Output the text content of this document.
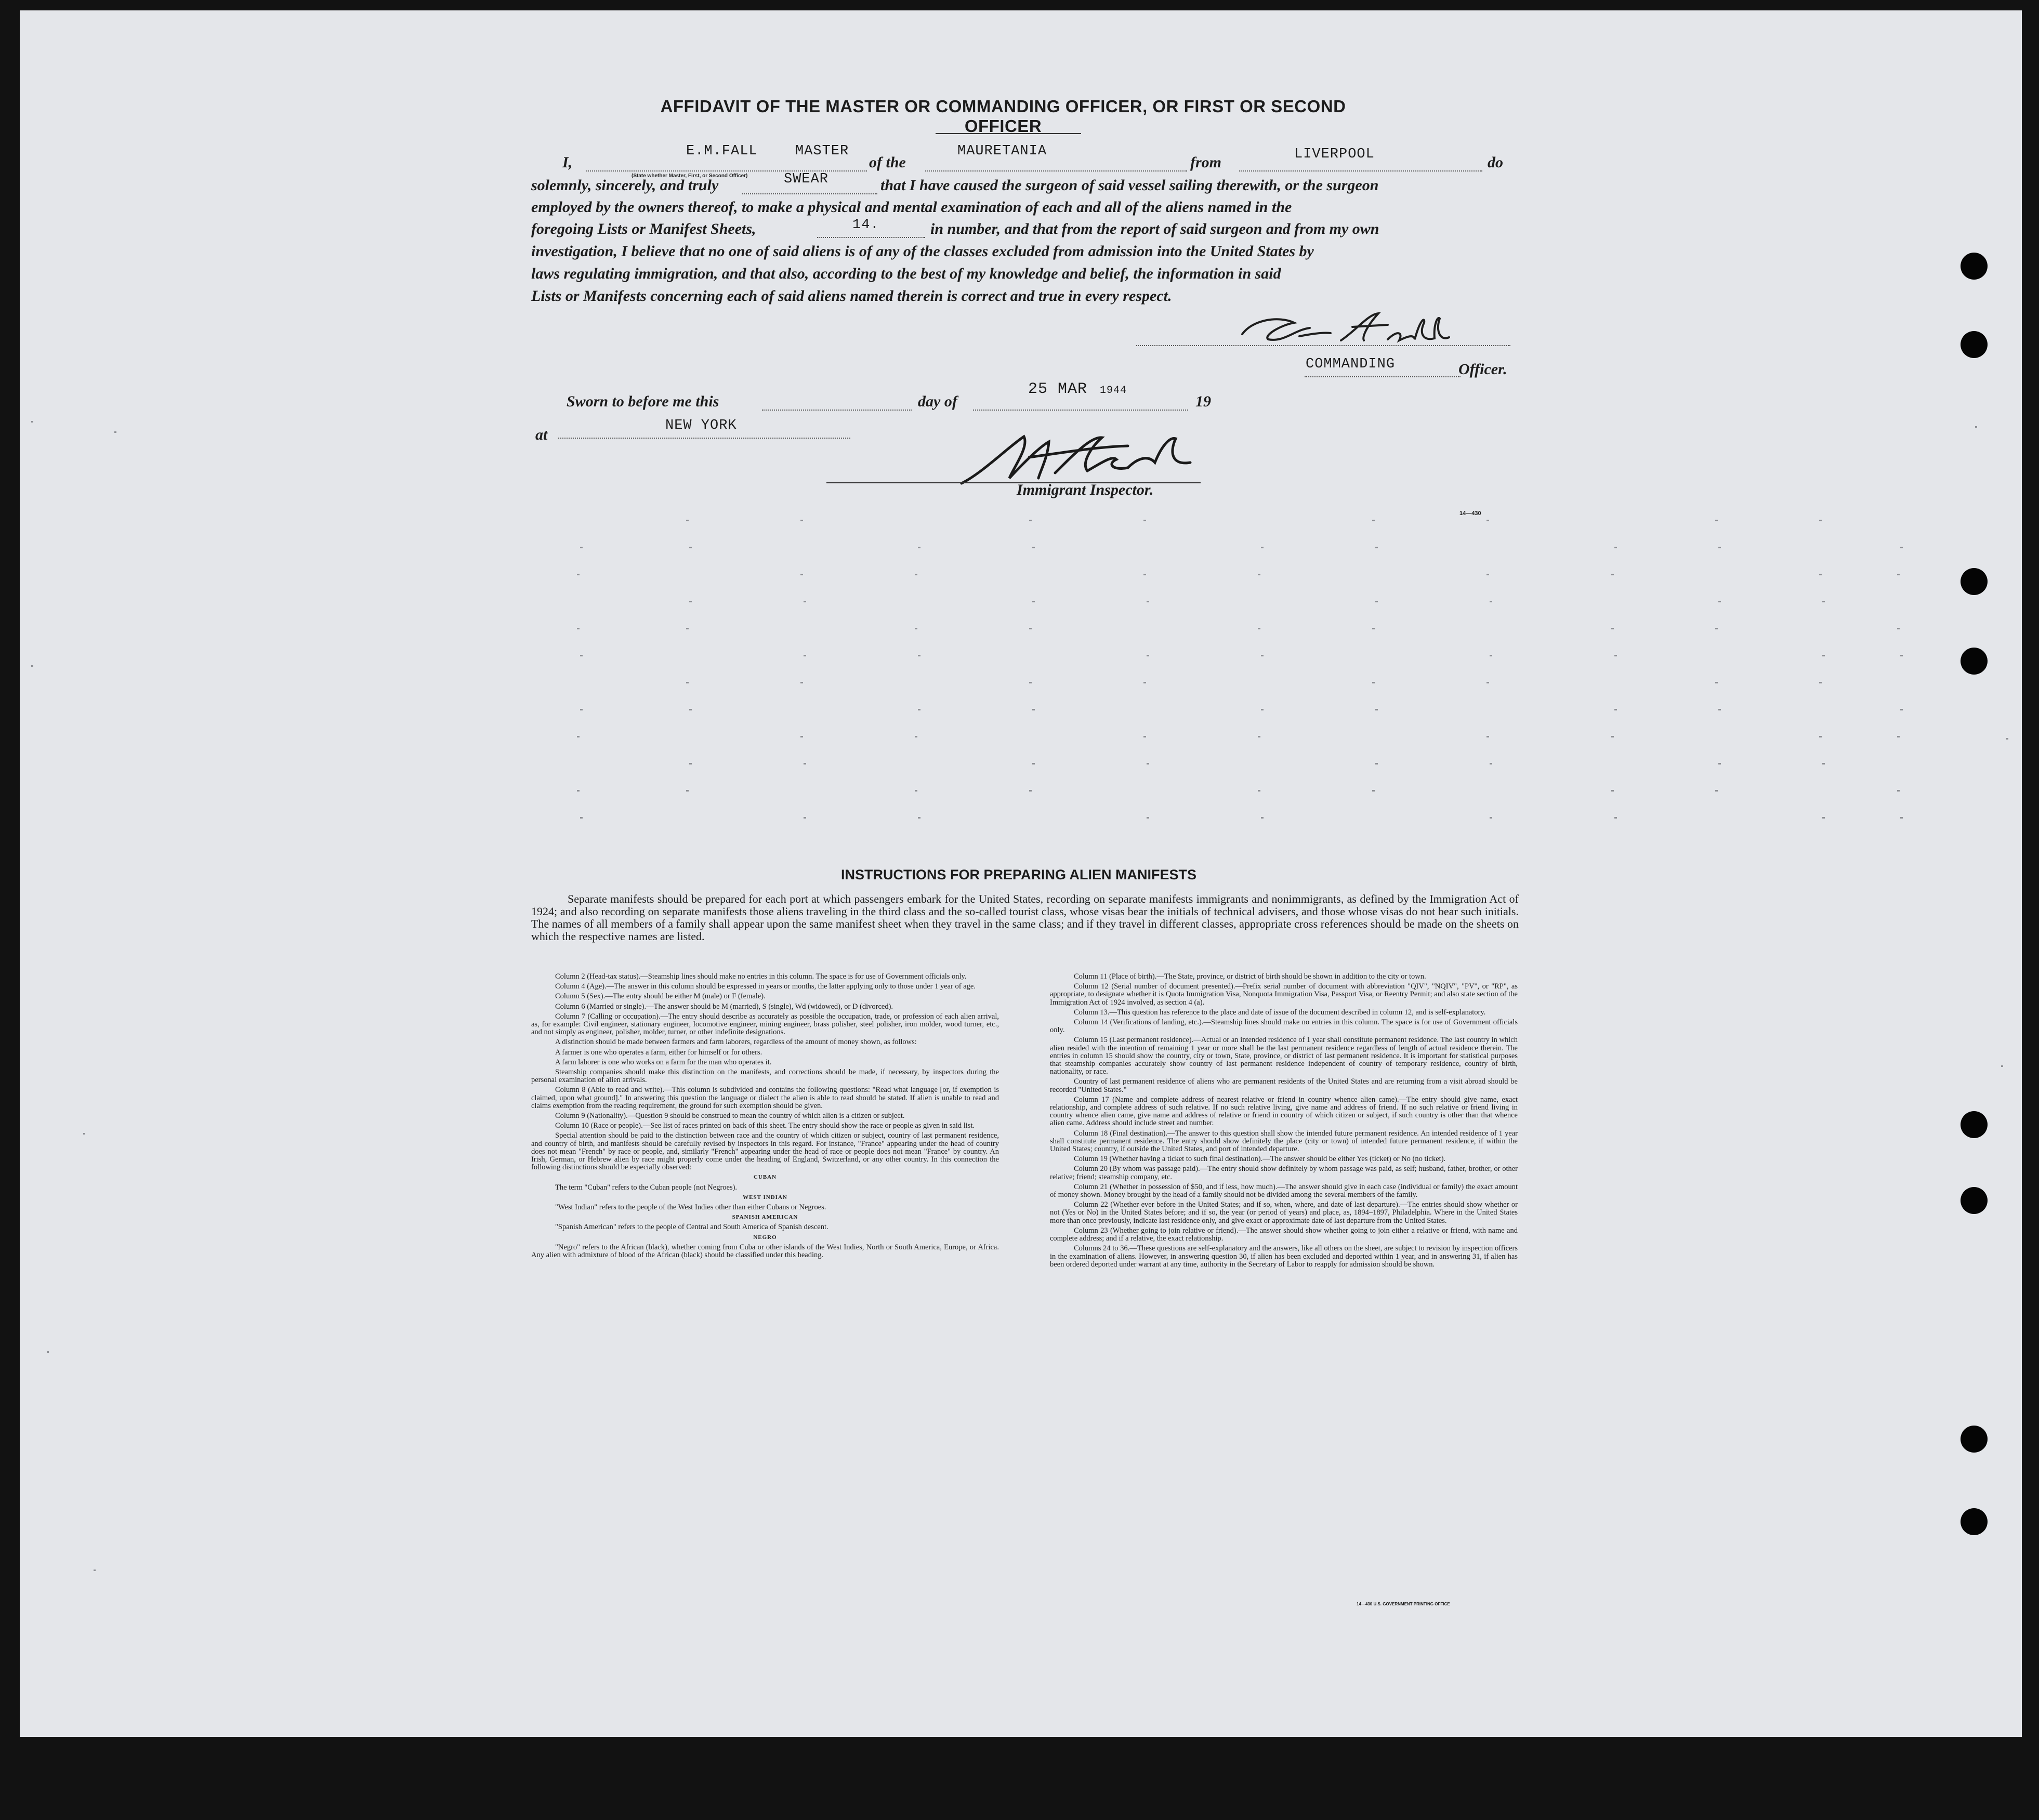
AFFIDAVIT OF THE MASTER OR COMMANDING OFFICER, OR FIRST OR SECOND OFFICER
I,
E.M.FALL	MASTER
(State whether Master, First, or Second Officer)
of the
MAURETANIA
from	LIVERPOOL	do
solemnly, sincerely, and truly	SWEAR	that I have caused the surgeon of said vessel sailing therewith, or the surgeon
employed by the owners thereof, to make a physical and mental examination of each and all of the aliens named in the
foregoing Lists or Manifest Sheets,	14.	in number, and that from the report of said surgeon and from my own
investigation, I believe that no one of said aliens is of any of the classes excluded from admission into the United States by
laws regulating immigration, and that also, according to the best of my knowledge and belief, the information in said
Lists or Manifests concerning each of said aliens named therein is correct and true in every respect.
COMMANDING	Officer.
Sworn to before me this	day of
25 MAR 1944
19
at
NEW YORK
Immigrant Inspector.
14—430
INSTRUCTIONS FOR PREPARING ALIEN MANIFESTS
Separate manifests should be prepared for each port at which passengers embark for the United States, recording on separate manifests immigrants and nonimmigrants, as defined by the Immigration Act of 1924; and also recording on separate manifests those aliens traveling in the third class and the so-called tourist class, whose visas bear the initials of technical advisers, and those whose visas do not bear such initials. The names of all members of a family shall appear upon the same manifest sheet when they travel in the same class; and if they travel in different classes, appropriate cross references should be made on the sheets on which the respective names are listed.

Column 2 (Head-tax status).—Steamship lines should make no entries in this column. The space is for use of Government officials only.

Column 4 (Age).—The answer in this column should be expressed in years or months, the latter applying only to those under 1 year of age.

Column 5 (Sex).—The entry should be either M (male) or F (female).

Column 6 (Married or single).—The answer should be M (married), S (single), Wd (widowed), or D (divorced).

Column 7 (Calling or occupation).—The entry should describe as accurately as possible the occupation, trade, or profession of each alien arrival, as, for example: Civil engineer, stationary engineer, locomotive engineer, mining engineer, brass polisher, steel polisher, iron molder, wood turner, etc., and not simply as engineer, polisher, molder, turner, or other indefinite designations.

A distinction should be made between farmers and farm laborers, regardless of the amount of money shown, as follows:

A farmer is one who operates a farm, either for himself or for others.

A farm laborer is one who works on a farm for the man who operates it.

Steamship companies should make this distinction on the manifests, and corrections should be made, if necessary, by inspectors during the personal examination of alien arrivals.

Column 8 (Able to read and write).—This column is subdivided and contains the following questions: "Read what language [or, if exemption is claimed, upon what ground]." In answering this question the language or dialect the alien is able to read should be stated. If alien is unable to read and claims exemption from the reading requirement, the ground for such exemption should be given.

Column 9 (Nationality).—Question 9 should be construed to mean the country of which alien is a citizen or subject.

Column 10 (Race or people).—See list of races printed on back of this sheet. The entry should show the race or people as given in said list.

Special attention should be paid to the distinction between race and the country of which citizen or subject, country of last permanent residence, and country of birth, and manifests should be carefully revised by inspectors in this regard. For instance, "France" appearing under the head of country does not mean "French" by race or people, and, similarly "French" appearing under the head of race or people does not mean "France" by country. An Irish, German, or Hebrew alien by race might properly come under the heading of England, Switzerland, or any other country. In this connection the following distinctions should be especially observed:

CUBAN

The term "Cuban" refers to the Cuban people (not Negroes).

WEST INDIAN

"West Indian" refers to the people of the West Indies other than either Cubans or Negroes.

SPANISH AMERICAN

"Spanish American" refers to the people of Central and South America of Spanish descent.

NEGRO

"Negro" refers to the African (black), whether coming from Cuba or other islands of the West Indies, North or South America, Europe, or Africa. Any alien with admixture of blood of the African (black) should be classified under this heading.

Column 11 (Place of birth).—The State, province, or district of birth should be shown in addition to the city or town.

Column 12 (Serial number of document presented).—Prefix serial number of document with abbreviation "QIV", "NQIV", "PV", or "RP", as appropriate, to designate whether it is Quota Immigration Visa, Nonquota Immigration Visa, Passport Visa, or Reentry Permit; and also state section of the Immigration Act of 1924 involved, as section 4 (a).

Column 13.—This question has reference to the place and date of issue of the document described in column 12, and is self-explanatory.

Column 14 (Verifications of landing, etc.).—Steamship lines should make no entries in this column. The space is for use of Government officials only.

Column 15 (Last permanent residence).—Actual or an intended residence of 1 year shall constitute permanent residence. The last country in which alien resided with the intention of remaining 1 year or more shall be the last permanent residence regardless of length of actual residence therein. The entries in column 15 should show the country, city or town, State, province, or district of last permanent residence. It is important for statistical purposes that steamship companies accurately show country of last permanent residence independent of country of temporary residence, country of birth, nationality, or race.

Country of last permanent residence of aliens who are permanent residents of the United States and are returning from a visit abroad should be recorded "United States."

Column 17 (Name and complete address of nearest relative or friend in country whence alien came).—The entry should give name, exact relationship, and complete address of such relative. If no such relative living, give name and address of friend. If no such relative or friend living in country whence alien came, give name and address of relative or friend in country of which citizen or subject, if such country is other than that whence alien came. Address should include street and number.

Column 18 (Final destination).—The answer to this question shall show the intended future permanent residence. An intended residence of 1 year shall constitute permanent residence. The entry should show definitely the place (city or town) of intended future permanent residence, if within the United States; country, if outside the United States, and port of intended departure.

Column 19 (Whether having a ticket to such final destination).—The answer should be either Yes (ticket) or No (no ticket).

Column 20 (By whom was passage paid).—The entry should show definitely by whom passage was paid, as self; husband, father, brother, or other relative; friend; steamship company, etc.

Column 21 (Whether in possession of $50, and if less, how much).—The answer should give in each case (individual or family) the exact amount of money shown. Money brought by the head of a family should not be divided among the several members of the family.

Column 22 (Whether ever before in the United States; and if so, when, where, and date of last departure).—The entries should show whether or not (Yes or No) in the United States before; and if so, the year (or period of years) and place, as, 1894–1897, Philadelphia. Where in the United States more than once previously, indicate last residence only, and give exact or approximate date of last departure from the United States.

Column 23 (Whether going to join relative or friend).—The answer should show whether going to join either a relative or friend, with name and complete address; and if a relative, the exact relationship.

Columns 24 to 36.—These questions are self-explanatory and the answers, like all others on the sheet, are subject to revision by inspection officers in the examination of aliens. However, in answering question 30, if alien has been excluded and deported within 1 year, and in answering 31, if alien has been ordered deported under warrant at any time, authority in the Secretary of Labor to reapply for admission should be shown.

14—430 U.S. GOVERNMENT PRINTING OFFICE
